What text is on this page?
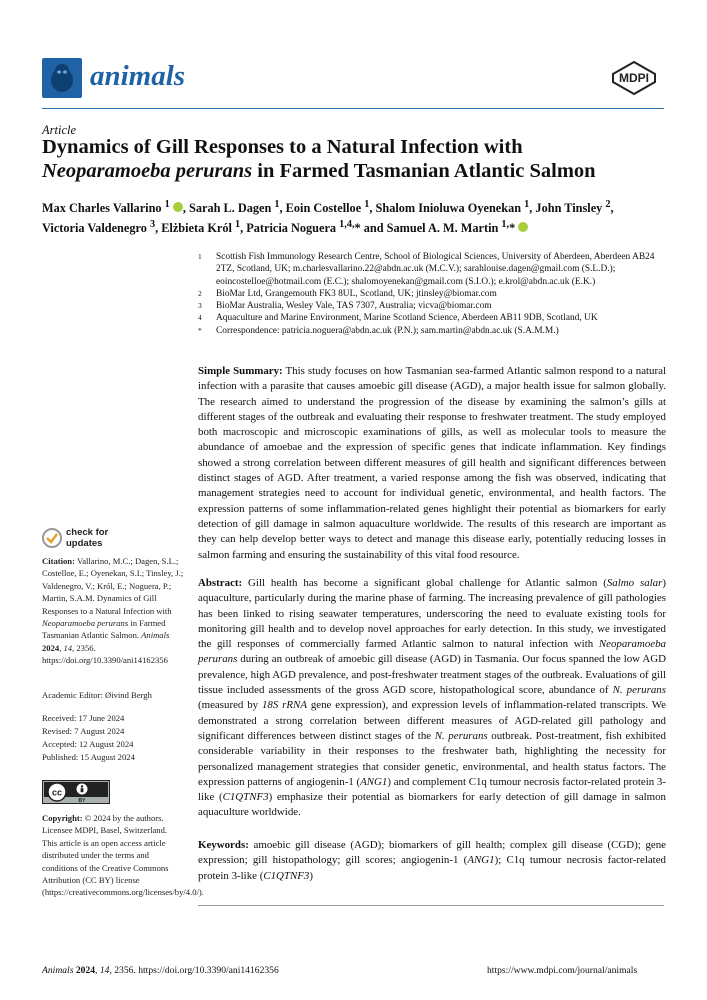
animals	MDPI
Article
Dynamics of Gill Responses to a Natural Infection with
Neoparamoeba perurans in Farmed Tasmanian Atlantic Salmon
Max Charles Vallarino $^1$ , Sarah L. Dagen $^1$, Eoin Costelloe $^1$, Shalom Inioluwa Oyenekan $^1$, John Tinsley $^2$,
Victoria Valdenegro $^3$, Elżbieta Król $^1$, Patricia Noguera $^{1,4,}$* and Samuel A. M. Martin $^{1,}$*
1 Scottish Fish Immunology Research Centre, School of Biological Sciences, University of Aberdeen, Aberdeen AB24 2TZ, Scotland, UK; m.charlesvallarino.22@abdn.ac.uk (M.C.V.); sarahlouise.dagen@gmail.com (S.L.D.); eoincostelloe@hotmail.com (E.C.); shalomoyenekan@gmail.com (S.I.O.); e.krol@abdn.ac.uk (E.K.)
2 BioMar Ltd, Grangemouth FK3 8UL, Scotland, UK; jtinsley@biomar.com
3 BioMar Australia, Wesley Vale, TAS 7307, Australia; vicva@biomar.com
4 Aquaculture and Marine Environment, Marine Scotland Science, Aberdeen AB11 9DB, Scotland, UK
* Correspondence: patricia.noguera@abdn.ac.uk (P.N.); sam.martin@abdn.ac.uk (S.A.M.M.)
Simple Summary: This study focuses on how Tasmanian sea-farmed Atlantic salmon respond to a natural infection with a parasite that causes amoebic gill disease (AGD), a major health issue for salmon globally. The research aimed to understand the progression of the disease by examining the salmon’s gills at different stages of the outbreak and evaluating their response to freshwater treatment. The study employed both macroscopic and microscopic examinations of gills, as well as molecular tools to measure the abundance of amoebae and the expression of specific genes that indicate inflammation. Key findings showed a strong correlation between different measures of gill health and significant differences between distinct stages of AGD. After treatment, a varied response among the fish was observed, indicating that management strategies need to account for individual genetic, environmental, and health factors. The expression patterns of some inflammation-related genes highlight their potential as biomarkers for early detection of gill damage in salmon aquaculture worldwide. The results of this research are important as they can help develop better ways to detect and manage this disease early, potentially reducing losses in salmon farming and ensuring the sustainability of this vital food resource.
Abstract: Gill health has become a significant global challenge for Atlantic salmon (Salmo salar) aquaculture, particularly during the marine phase of farming. The increasing prevalence of gill pathologies has been linked to rising seawater temperatures, underscoring the need to evaluate existing tools for monitoring gill health and to develop novel approaches for early detection. In this study, we investigated the gill responses of commercially farmed Atlantic salmon to natural infection with Neoparamoeba perurans during an outbreak of amoebic gill disease (AGD) in Tasmania. Our focus spanned the low AGD prevalence, high AGD prevalence, and post-freshwater treatment stages of the outbreak. Evaluations of gill tissue included assessments of the gross AGD score, histopathological score, abundance of N. perurans (measured by 18S rRNA gene expression), and expression levels of inflammation-related transcripts. We demonstrated a strong correlation between different measures of AGD-related gill pathology and significant differences between distinct stages of the N. perurans outbreak. Post-treatment, fish exhibited considerable variability in their responses to the freshwater bath, highlighting the necessity for personalized management strategies that consider genetic, environmental, and health status factors. The expression patterns of angiogenin-1 (ANG1) and complement C1q tumour necrosis factor-related protein 3-like (C1QTNF3) emphasize their potential as biomarkers for early detection of gill damage in salmon aquaculture worldwide.
Keywords: amoebic gill disease (AGD); biomarkers of gill health; complex gill disease (CGD); gene expression; gill histopathology; gill scores; angiogenin-1 (ANG1); C1q tumour necrosis factor-related protein 3-like (C1QTNF3)
check for
updates
Citation: Vallarino, M.C.; Dagen, S.L.; Costelloe, E.; Oyenekan, S.I.; Tinsley, J.; Valdenegro, V.; Król, E.; Noguera, P.; Martin, S.A.M. Dynamics of Gill Responses to a Natural Infection with Neoparamoeba perurans in Farmed Tasmanian Atlantic Salmon. Animals 2024, 14, 2356. https://doi.org/10.3390/ani14162356
Academic Editor: Øivind Bergh
Received: 17 June 2024
Revised: 7 August 2024
Accepted: 12 August 2024
Published: 15 August 2024
cc
BY
Copyright: © 2024 by the authors. Licensee MDPI, Basel, Switzerland. This article is an open access article distributed under the terms and conditions of the Creative Commons Attribution (CC BY) license (https://creativecommons.org/licenses/by/4.0/).
Animals 2024, 14, 2356. https://doi.org/10.3390/ani14162356	https://www.mdpi.com/journal/animals
